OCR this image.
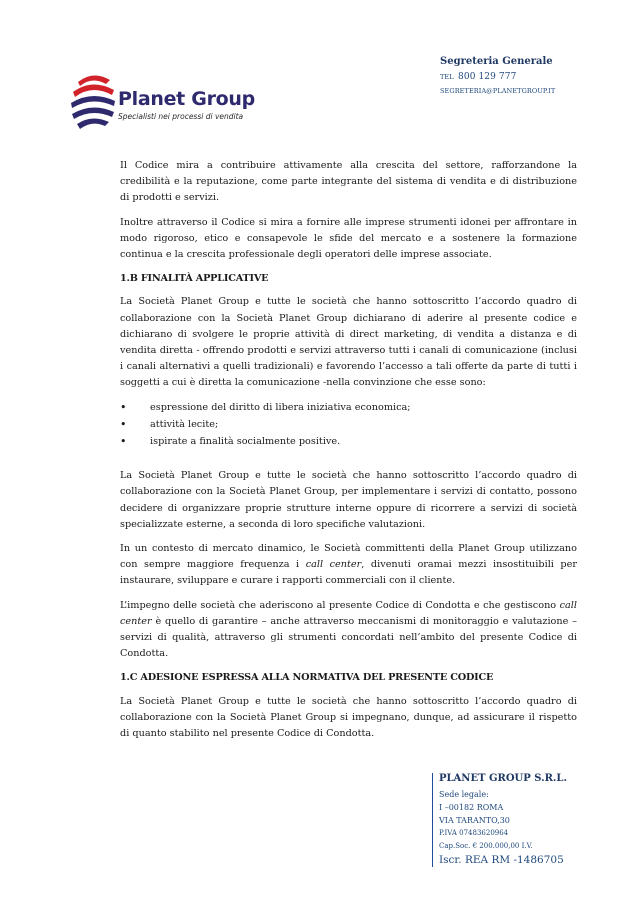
Segreteria Generale
TEL 800 129 777
SEGRETERIA@PLANETGROUP.IT
Planet Group
Specialisti nei processi di vendita

Il Codice mira a contribuire attivamente alla crescita del settore, rafforzandone la credibilità e la reputazione, come parte integrante del sistema di vendita e di distribuzione di prodotti e servizi.

Inoltre attraverso il Codice si mira a fornire alle imprese strumenti idonei per affrontare in modo rigoroso, etico e consapevole le sfide del mercato e a sostenere la formazione continua e la crescita professionale degli operatori delle imprese associate.

1.B FINALITÀ APPLICATIVE

La Società Planet Group e tutte le società che hanno sottoscritto l’accordo quadro di collaborazione con la Società Planet Group dichiarano di aderire al presente codice e dichiarano di svolgere le proprie attività di direct marketing, di vendita a distanza e di vendita diretta - offrendo prodotti e servizi attraverso tutti i canali di comunicazione (inclusi i canali alternativi a quelli tradizionali) e favorendo l’accesso a tali offerte da parte di tutti i soggetti a cui è diretta la comunicazione -nella convinzione che esse sono:

• espressione del diritto di libera iniziativa economica;
• attività lecite;
• ispirate a finalità socialmente positive.

La Società Planet Group e tutte le società che hanno sottoscritto l’accordo quadro di collaborazione con la Società Planet Group, per implementare i servizi di contatto, possono decidere di organizzare proprie strutture interne oppure di ricorrere a servizi di società specializzate esterne, a seconda di loro specifiche valutazioni.

In un contesto di mercato dinamico, le Società committenti della Planet Group utilizzano con sempre maggiore frequenza i call center, divenuti oramai mezzi insostituibili per instaurare, sviluppare e curare i rapporti commerciali con il cliente.

L’impegno delle società che aderiscono al presente Codice di Condotta e che gestiscono call center è quello di garantire – anche attraverso meccanismi di monitoraggio e valutazione – servizi di qualità, attraverso gli strumenti concordati nell’ambito del presente Codice di Condotta.

1.C ADESIONE ESPRESSA ALLA NORMATIVA DEL PRESENTE CODICE

La Società Planet Group e tutte le società che hanno sottoscritto l’accordo quadro di collaborazione con la Società Planet Group si impegnano, dunque, ad assicurare il rispetto di quanto stabilito nel presente Codice di Condotta.

PLANET GROUP S.R.L.
Sede legale:
I –00182 ROMA
VIA TARANTO,30
P.IVA 07483620964
Cap.Soc. € 200.000,00 I.V.
Iscr. REA RM -1486705
